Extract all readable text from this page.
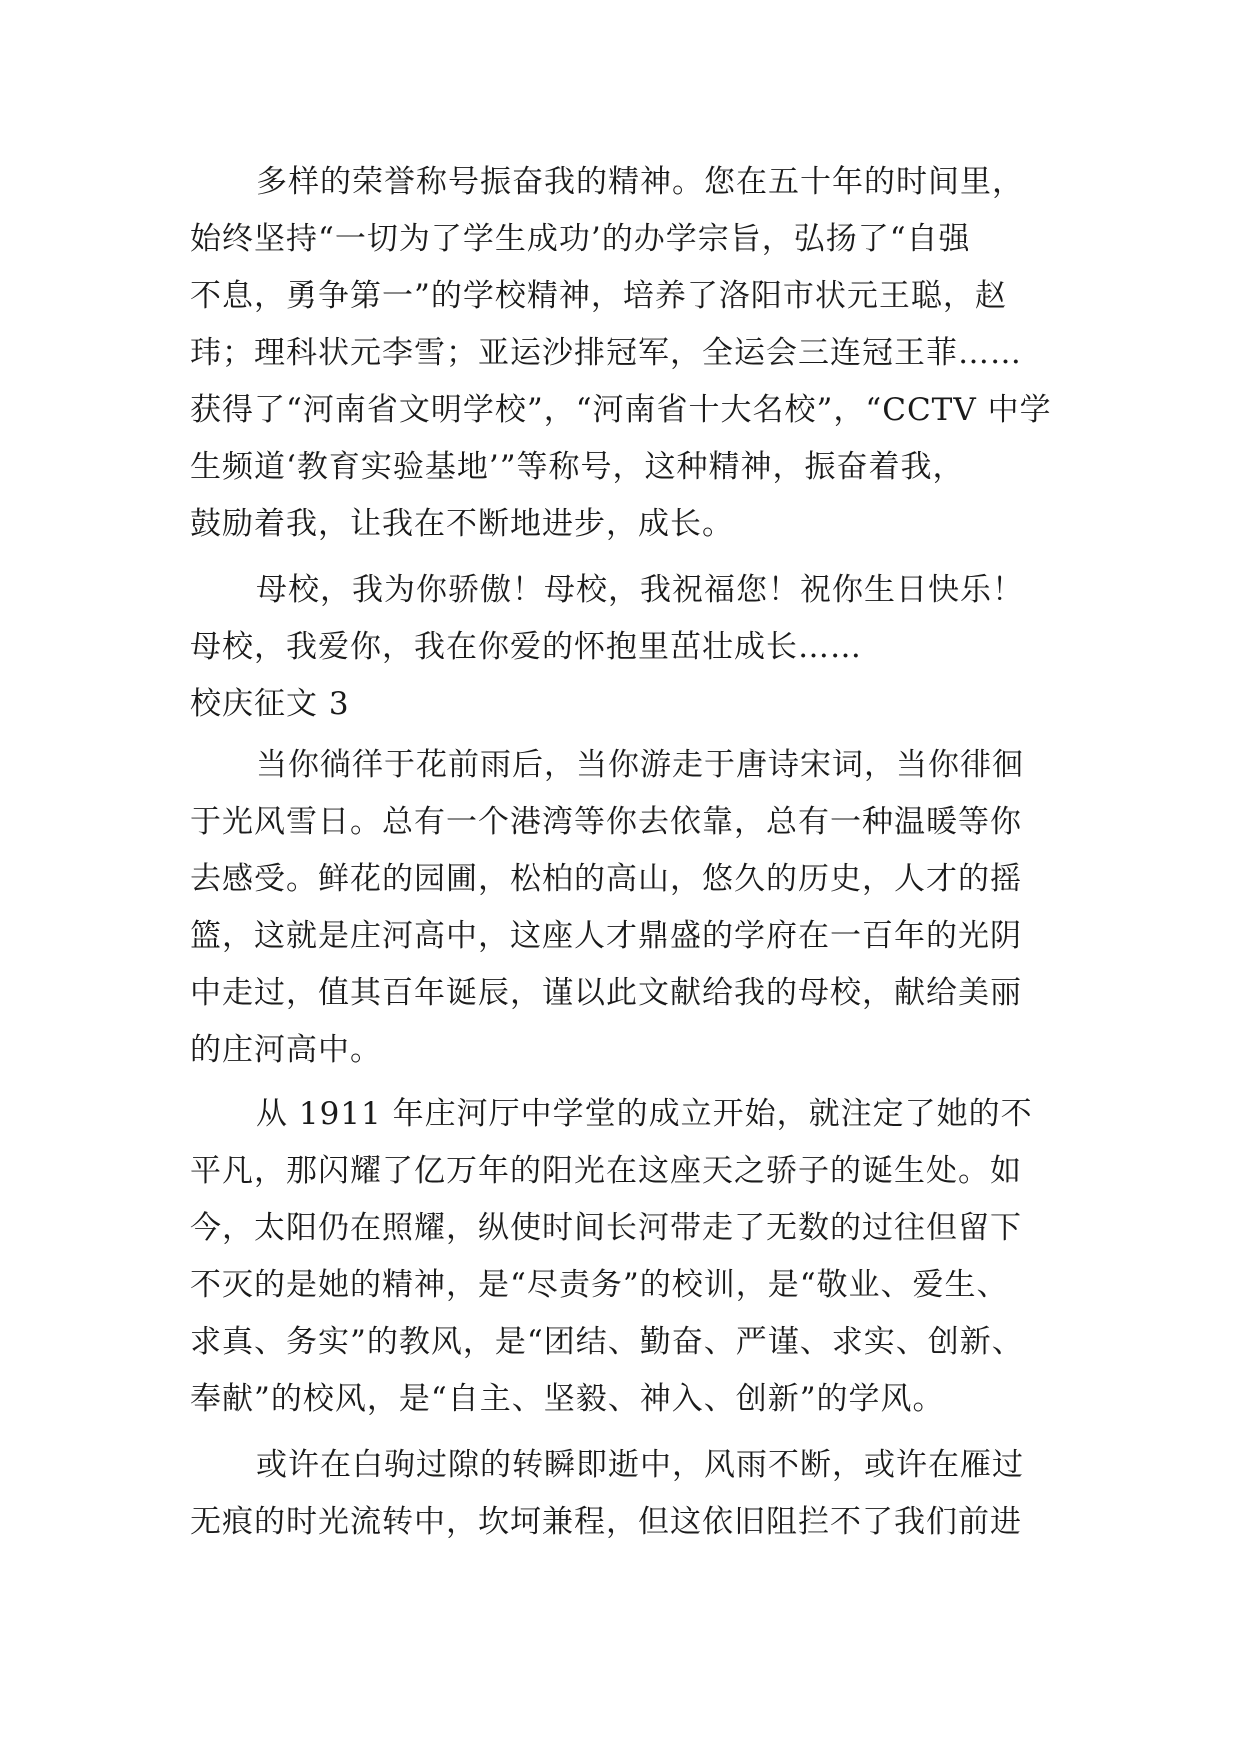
多样的荣誉称号振奋我的精神。您在五十年的时间里，
始终坚持“一切为了学生成功’的办学宗旨，弘扬了“自强
不息，勇争第一”的学校精神，培养了洛阳市状元王聪，赵
玮；理科状元李雪；亚运沙排冠军，全运会三连冠王菲……
获得了“河南省文明学校”，“河南省十大名校”，“CCTV 中学
生频道‘教育实验基地’”等称号，这种精神，振奋着我，
鼓励着我，让我在不断地进步，成长。
母校，我为你骄傲！母校，我祝福您！祝你生日快乐！
母校，我爱你，我在你爱的怀抱里茁壮成长……
校庆征文 3
当你徜徉于花前雨后，当你游走于唐诗宋词，当你徘徊
于光风雪日。总有一个港湾等你去依靠，总有一种温暖等你
去感受。鲜花的园圃，松柏的高山，悠久的历史，人才的摇
篮，这就是庄河高中，这座人才鼎盛的学府在一百年的光阴
中走过，值其百年诞辰，谨以此文献给我的母校，献给美丽
的庄河高中。
从 1911 年庄河厅中学堂的成立开始，就注定了她的不
平凡，那闪耀了亿万年的阳光在这座天之骄子的诞生处。如
今，太阳仍在照耀，纵使时间长河带走了无数的过往但留下
不灭的是她的精神，是“尽责务”的校训，是“敬业、爱生、
求真、务实”的教风，是“团结、勤奋、严谨、求实、创新、
奉献”的校风，是“自主、坚毅、神入、创新”的学风。
或许在白驹过隙的转瞬即逝中，风雨不断，或许在雁过
无痕的时光流转中，坎坷兼程，但这依旧阻拦不了我们前进
